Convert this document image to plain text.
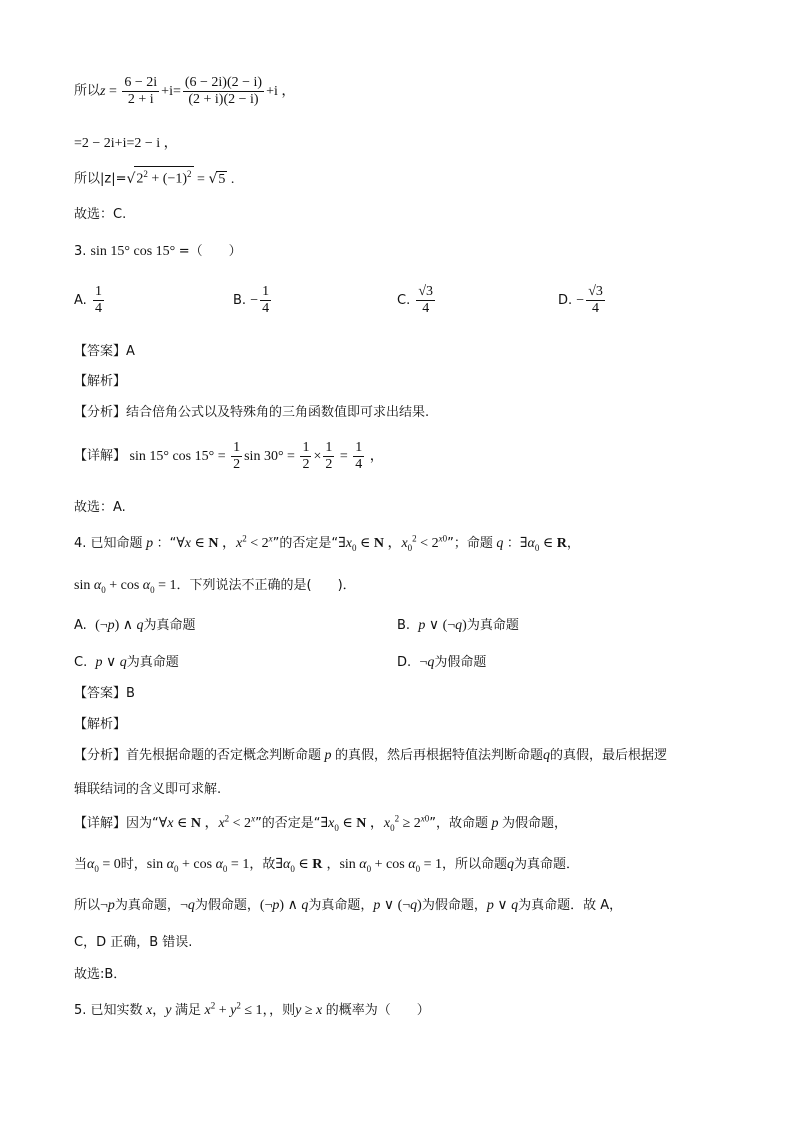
所以$z = \frac{6 - 2i}{2 + i} +i= \frac{(6 - 2i)(2 - i)}{(2 + i)(2 - i)} +i$ ，
=2 − 2i+i=2 − i ，
所以$|z|=√2^2 + (-1)^2 = √5$ .
故选：C.
3. sin 15° cos 15° =（　　）
A. $\frac{1}{4}$	B. − $\frac{1}{4}$	C. $\frac{√3}{4}$	D. − $\frac{√3}{4}$
【答案】A
【解析】
【分析】结合倍角公式以及特殊角的三角函数值即可求出结果.
【详解】 sin 15° $\cos 15^\circ = \frac{1}{2}$ $\sin 30^\circ = \frac{1}{2} \times \frac{1}{2} = \frac{1}{4}$ ，
故选：A.
4. 已知命题 p ：“∀x ∈ N ，$x^2 < 2^x$”的否定是“$\exists x_0$ ∈ N ，$x_0^2 < 2^{x0}$”；命题 q ：$\exists\alpha_0$ ∈ R，
$\sin \alpha_0 + \cos \alpha_0 = 1$．下列说法不正确的是(　　)．
A.  (¬p) ∧ q为真命题	B.  p ∨ (¬q)为真命题
C.  p ∨ q为真命题	D.  ¬q为假命题
【答案】B
【解析】
【分析】首先根据命题的否定概念判断命题 p 的真假，然后再根据特值法判断命题q的真假，最后根据逻
辑联结词的含义即可求解.
【详解】因为“∀x ∈ N ，$x^2 < 2^x$”的否定是“$\exists x_0$ ∈ N ，$x_0^2 \ge 2^{x0}$”，故命题 p 为假命题，
当$\alpha_0 = 0$时，$\sin \alpha_0 + \cos \alpha_0 = 1$，故$\exists\alpha_0$ ∈ R ，$\sin \alpha_0 + \cos \alpha_0 = 1$，所以命题q为真命题．
所以¬p为真命题，¬q为假命题，(¬p) ∧ q为真命题，p ∨ (¬q)为假命题，p ∨ q为真命题．故 A，
C，D 正确，B 错误.
故选:B．
5. 已知实数 x，y 满足 $x^2 + y^2 \le 1$，，则y ≥ x 的概率为（　　）
